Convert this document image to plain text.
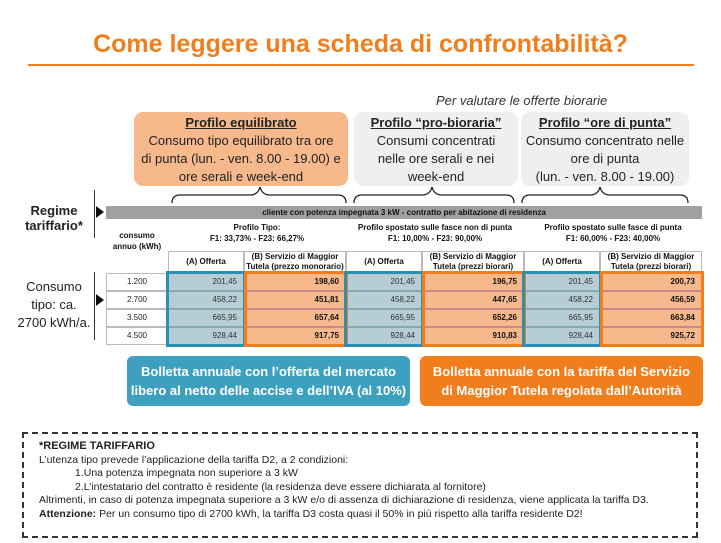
Come leggere una scheda di confrontabilità?
Per valutare le offerte biorarie
Profilo equilibrato
Consumo tipo equilibrato tra ore
di punta (lun. - ven. 8.00 - 19.00) e
ore serali e week-end
Profilo “pro-bioraria”
Consumi concentrati
nelle ore serali e nei
week-end
Profilo “ore di punta”
Consumo concentrato nelle
ore di punta
(lun. - ven. 8.00 - 19.00)
Regime
tariffario*
Consumo
tipo: ca.
2700 kWh/a.
cliente con potenza impegnata 3 kW - contratto per abitazione di residenza
consumo
annuo (kWh)
Profilo Tipo:
F1: 33,73% - F23: 66,27%
(A) Offerta
(B) Servizio di Maggior
Tutela (prezzo monorario)
Profilo spostato sulle fasce non di punta
F1: 10,00% - F23: 90,00%
(A) Offerta
(B) Servizio di Maggior
Tutela (prezzi biorari)
Profilo spostato sulle fasce di punta
F1: 60,00% - F23: 40,00%
(A) Offerta
(B) Servizio di Maggior
Tutela (prezzi biorari)
1.200	201,45	198,60	201,45	196,75	201,45	200,73
2.700	458,22	451,81	458,22	447,65	458,22	456,59
3.500	665,95	657,64	665,95	652,26	665,95	663,84
4.500	928,44	917,75	928,44	910,83	928,44	925,72
Bolletta annuale con l’offerta del mercato
libero al netto delle accise e dell’IVA (al 10%)
Bolletta annuale con la tariffa del Servizio
di Maggior Tutela regolata dall’Autorità
*REGIME TARIFFARIO
L’utenza tipo prevede l’applicazione della tariffa D2, a 2 condizioni:
1.Una potenza impegnata non superiore a 3 kW
2.L’intestatario del contratto è residente (la residenza deve essere dichiarata al fornitore)
Altrimenti, in caso di potenza impegnata superiore a 3 kW e/o di assenza di dichiarazione di residenza, viene applicata la tariffa D3.
Attenzione: Per un consumo tipo di 2700 kWh, la tariffa D3 costa quasi il 50% in più rispetto alla tariffa residente D2!
